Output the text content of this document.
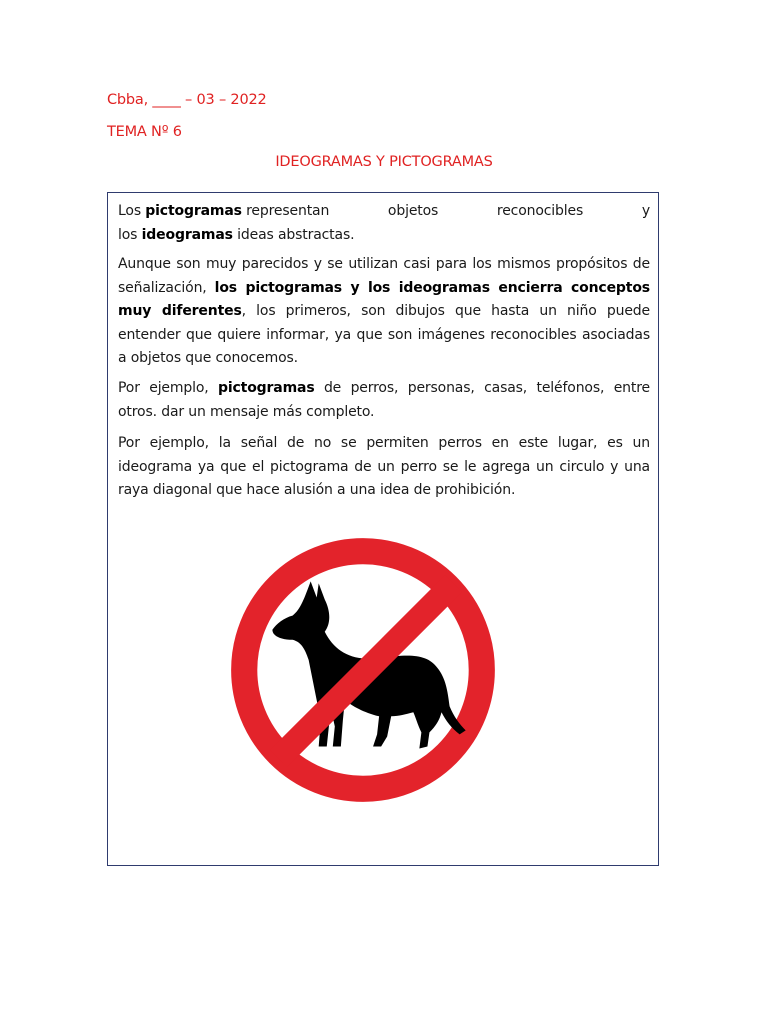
Cbba, ____ – 03 – 2022
TEMA Nº 6
IDEOGRAMAS Y PICTOGRAMAS
Los pictogramas representan	objetos	reconocibles	y
los ideogramas ideas abstractas.
Aunque son muy parecidos y se utilizan casi para los mismos propósitos de señalización, los pictogramas y los ideogramas encierra conceptos muy diferentes, los primeros, son dibujos que hasta un niño puede entender que quiere informar, ya que son imágenes reconocibles asociadas a objetos que conocemos.
Por ejemplo, pictogramas de perros, personas, casas, teléfonos, entre otros. dar un mensaje más completo.
Por ejemplo, la señal de no se permiten perros en este lugar, es un ideograma ya que el pictograma de un perro se le agrega un circulo y una raya diagonal que hace alusión a una idea de prohibición.
